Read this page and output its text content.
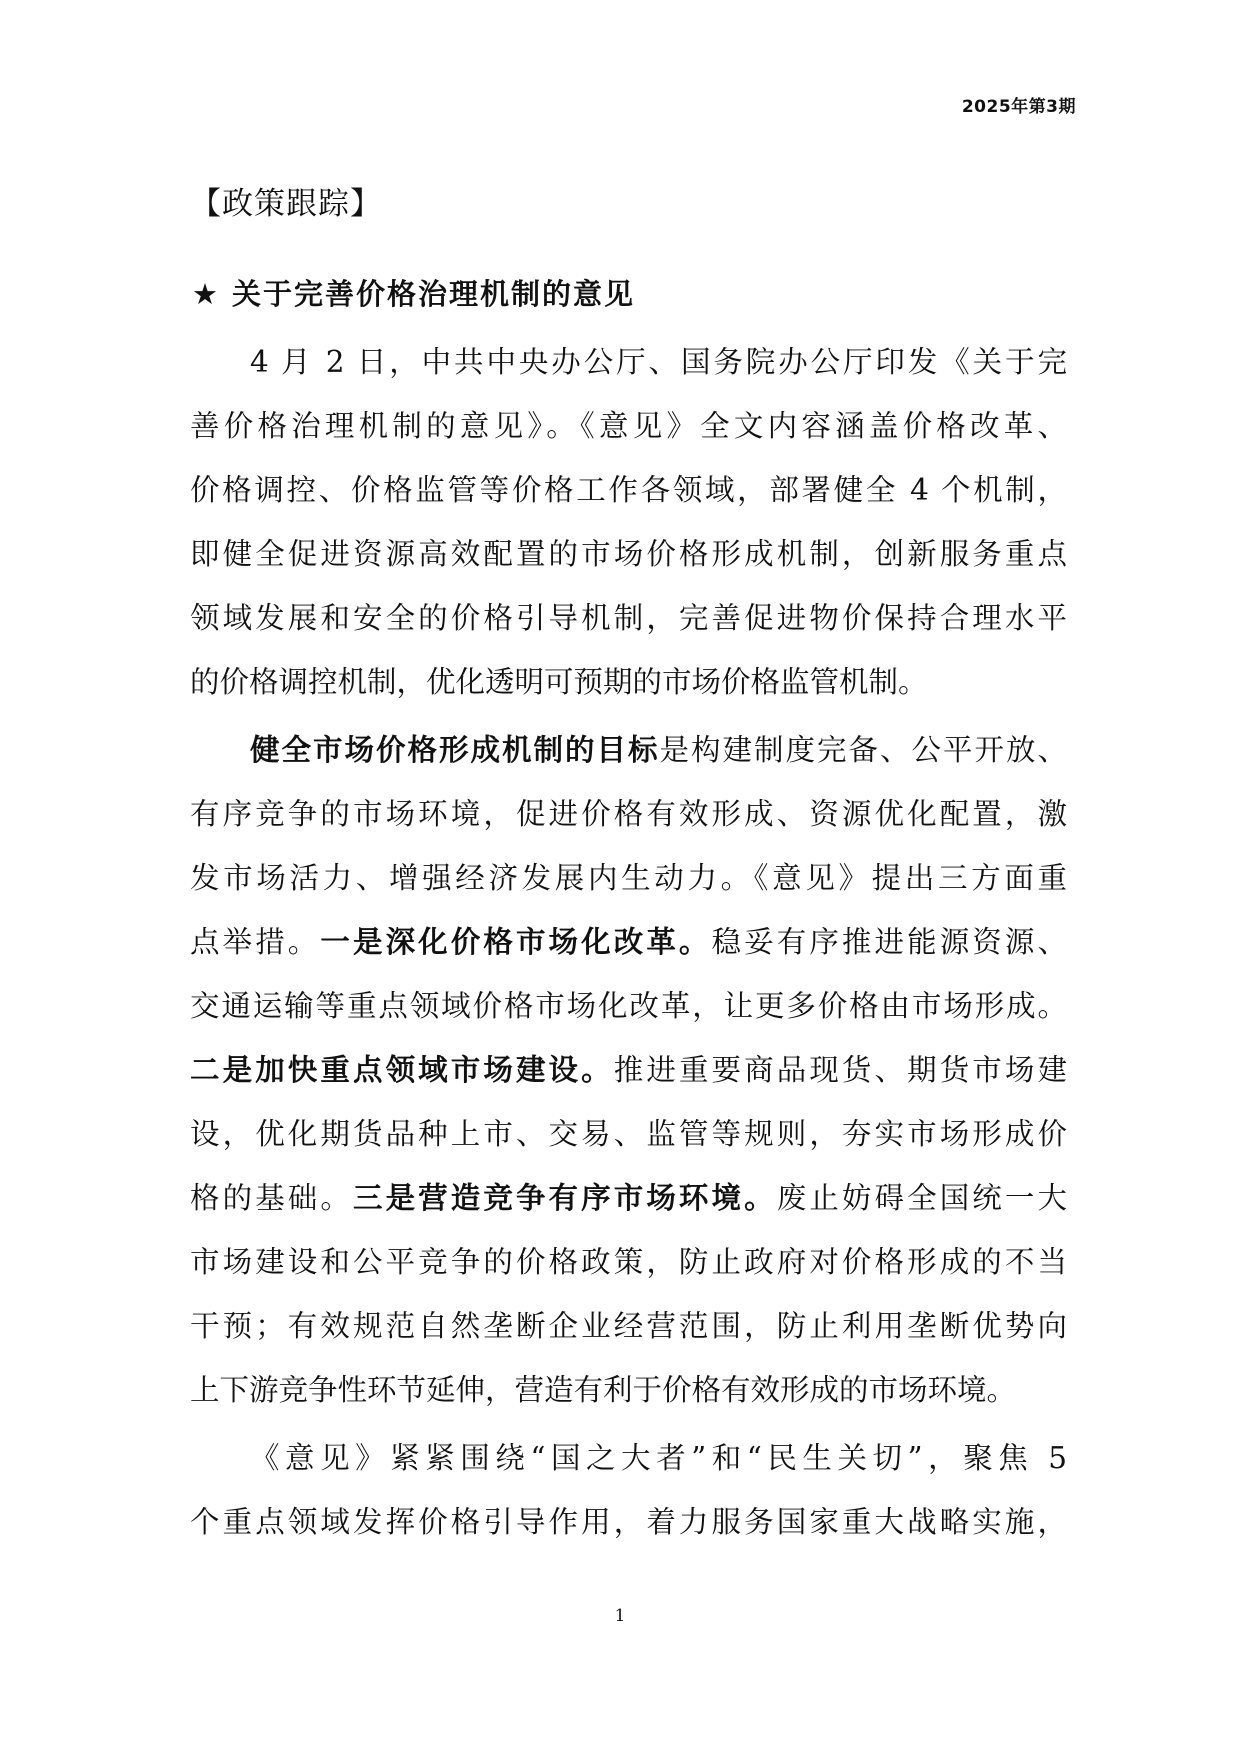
2025年第3期
【政策跟踪】
★ 关于完善价格治理机制的意见
4 月 2 日，中共中央办公厅、国务院办公厅印发《关于完
善价格治理机制的意见》。《意见》全文内容涵盖价格改革、
价格调控、价格监管等价格工作各领域，部署健全 4 个机制，
即健全促进资源高效配置的市场价格形成机制，创新服务重点
领域发展和安全的价格引导机制，完善促进物价保持合理水平
的价格调控机制，优化透明可预期的市场价格监管机制。
健全市场价格形成机制的目标是构建制度完备、公平开放、
有序竞争的市场环境，促进价格有效形成、资源优化配置，激
发市场活力、增强经济发展内生动力。《意见》提出三方面重
点举措。一是深化价格市场化改革。稳妥有序推进能源资源、
交通运输等重点领域价格市场化改革，让更多价格由市场形成。
二是加快重点领域市场建设。推进重要商品现货、期货市场建
设，优化期货品种上市、交易、监管等规则，夯实市场形成价
格的基础。三是营造竞争有序市场环境。废止妨碍全国统一大
市场建设和公平竞争的价格政策，防止政府对价格形成的不当
干预；有效规范自然垄断企业经营范围，防止利用垄断优势向
上下游竞争性环节延伸，营造有利于价格有效形成的市场环境。
《意见》紧紧围绕“国之大者”和“民生关切”，聚焦 5
个重点领域发挥价格引导作用，着力服务国家重大战略实施，
1
